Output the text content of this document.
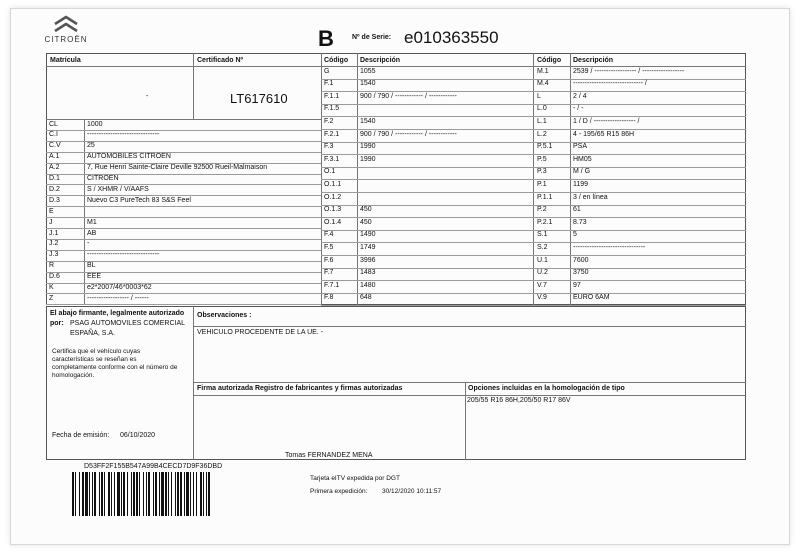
CITROËN	B	Nº de Serie: e010363550
Matrícula	Certificado Nº
-	LT617610
Código Descripción	Código Descripción
CL	1000
C.I	-------------------------------
C.V	25
A.1	AUTOMOBILES CITROEN
A.2	7, Rue Henri Sainte-Claire Deville 92500 Rueil-Malmaison
D.1	CITROEN
D.2	S / XHMR / V/AAFS
D.3	Nuevo C3 PureTech 83 S&S Feel
E
J	M1
J.1	AB
J.2	-
J.3	-------------------------------
R	BL
D.6	EEE
K	e2*2007/46*0003*62
Z	------------------ / ------
G	1055
F.1	1540
F.1.1	900 / 790 / ------------ / ------------
F.1.5
F.2	1540
F.2.1	900 / 790 / ------------ / ------------
F.3	1990
F.3.1	1990
O.1
O.1.1
O.1.2
O.1.3	450
O.1.4	450
F.4	1490
F.5	1749
F.6	3996
F.7	1483
F.7.1	1480
F.8	648
M.1	2539 / ------------------ / ------------------
M.4	------------------------------ /
L	2 / 4
L.0	- / -
L.1	1 / D / ------------------ /
L.2	4 - 195/65 R15 86H
P.5.1	PSA
P.5	HM05
P.3	M / G
P.1	1199
P.1.1	3 / en línea
P.2	61
P.2.1	8.73
S.1	5
S.2	-------------------------------
U.1	7600
U.2	3750
V.7	97
V.9	EURO 6AM
El abajo firmante, legalmente autorizado
por: PSAG AUTOMOVILES COMERCIAL ESPAÑA, S.A.
Certifica que el vehículo cuyas características se reseñan es completamente conforme con el número de homologación.
Fecha de emisión: 06/10/2020
Observaciones :
VEHICULO PROCEDENTE DE LA UE. -
Firma autorizada Registro de fabricantes y firmas autorizadas
Tomas FERNANDEZ MENA
Opciones incluidas en la homologación de tipo
205/55 R16 86H,205/50 R17 86V
D53FF2F155B547A99B4CECD7D9F36DBD
Tarjeta eITV expedida por DGT
Primera expedición: 30/12/2020 10:11:57
